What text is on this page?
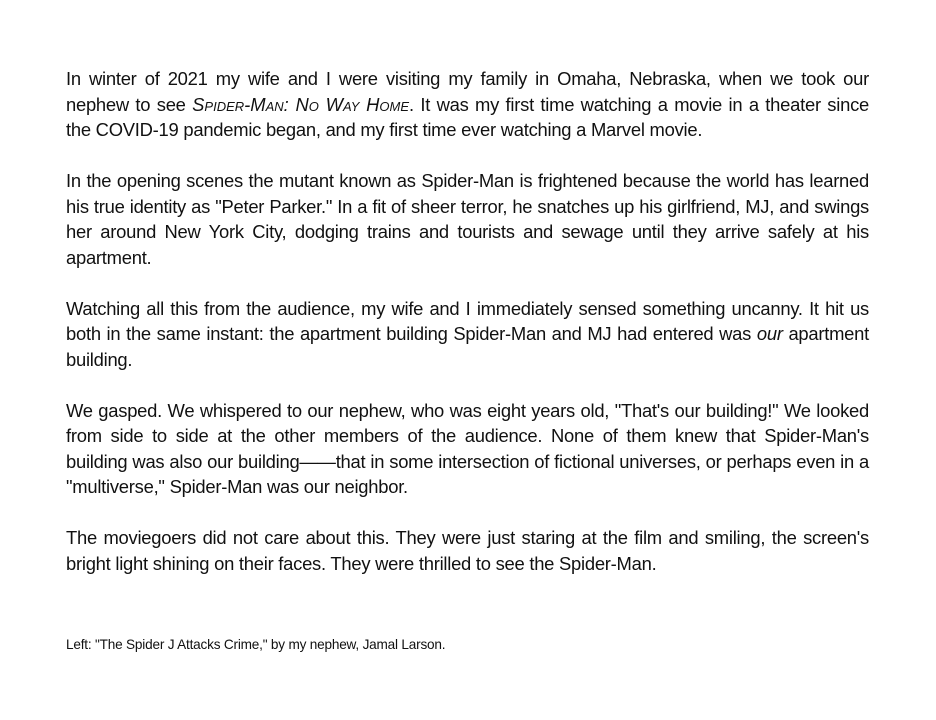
In winter of 2021 my wife and I were visiting my family in Omaha, Nebraska, when we took our nephew to see Spider-Man: No Way Home. It was my first time watching a movie in a theater since the COVID-19 pandemic began, and my first time ever watching a Marvel movie.

In the opening scenes the mutant known as Spider-Man is frightened because the world has learned his true identity as "Peter Parker." In a fit of sheer terror, he snatches up his girlfriend, MJ, and swings her around New York City, dodging trains and tourists and sewage until they arrive safely at his apartment.

Watching all this from the audience, my wife and I immediately sensed something uncanny. It hit us both in the same instant: the apartment building Spider-Man and MJ had entered was our apartment building.

We gasped. We whispered to our nephew, who was eight years old, "That's our building!" We looked from side to side at the other members of the audience. None of them knew that Spider-Man's building was also our building——that in some intersection of fictional universes, or perhaps even in a "multiverse," Spider-Man was our neighbor.

The moviegoers did not care about this. They were just staring at the film and smiling, the screen's bright light shining on their faces. They were thrilled to see the Spider-Man.

Left: "The Spider J Attacks Crime," by my nephew, Jamal Larson.
